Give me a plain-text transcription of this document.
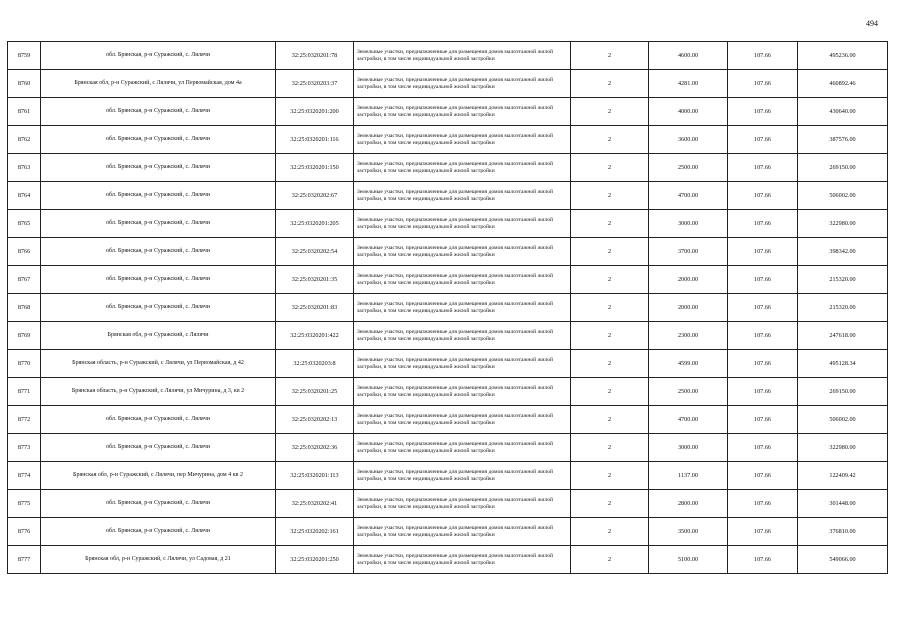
494
8759	обл. Брянская, р-н Суражский, с. Лялячи	32:25:0320201:78	Земельные участки, предназначенные для размещения домов малоэтажной жилой застройки, в том числе индивидуальной жилой застройки	2	4600.00	107.66	495236.00
8760	Брянская обл, р-н Суражский, с Лялячи, ул Первомайская, дом 4а	32:25:0320203:37	Земельные участки, предназначенные для размещения домов малоэтажной жилой застройки, в том числе индивидуальной жилой застройки	2	4281.00	107.66	460892.46
8761	обл. Брянская, р-н Суражский, с. Лялячи	32:25:0320201:200	Земельные участки, предназначенные для размещения домов малоэтажной жилой застройки, в том числе индивидуальной жилой застройки	2	4000.00	107.66	430640.00
8762	обл. Брянская, р-н Суражский, с. Лялячи	32:25:0320201:116	Земельные участки, предназначенные для размещения домов малоэтажной жилой застройки, в том числе индивидуальной жилой застройки	2	3600.00	107.66	387576.00
8763	обл. Брянская, р-н Суражский, с. Лялячи	32:25:0320201:150	Земельные участки, предназначенные для размещения домов малоэтажной жилой застройки, в том числе индивидуальной жилой застройки	2	2500.00	107.66	269150.00
8764	обл. Брянская, р-н Суражский, с. Лялячи	32:25:0320202:67	Земельные участки, предназначенные для размещения домов малоэтажной жилой застройки, в том числе индивидуальной жилой застройки	2	4700.00	107.66	506002.00
8765	обл. Брянская, р-н Суражский, с. Лялячи	32:25:0320201:205	Земельные участки, предназначенные для размещения домов малоэтажной жилой застройки, в том числе индивидуальной жилой застройки	2	3000.00	107.66	322980.00
8766	обл. Брянская, р-н Суражский, с. Лялячи	32:25:0320202:54	Земельные участки, предназначенные для размещения домов малоэтажной жилой застройки, в том числе индивидуальной жилой застройки	2	3700.00	107.66	398342.00
8767	обл. Брянская, р-н Суражский, с. Лялячи	32:25:0320201:35	Земельные участки, предназначенные для размещения домов малоэтажной жилой застройки, в том числе индивидуальной жилой застройки	2	2000.00	107.66	215320.00
8768	обл. Брянская, р-н Суражский, с. Лялячи	32:25:0320201:83	Земельные участки, предназначенные для размещения домов малоэтажной жилой застройки, в том числе индивидуальной жилой застройки	2	2000.00	107.66	215320.00
8769	Брянская обл, р-н Суражский, с Лялячи	32:25:0320201:422	Земельные участки, предназначенные для размещения домов малоэтажной жилой застройки, в том числе индивидуальной жилой застройки	2	2300.00	107.66	247618.00
8770	Брянская область, р-н Суражский, с Лялячи, ул Первомайская, д 42	32:25:0320203:8	Земельные участки, предназначенные для размещения домов малоэтажной жилой застройки, в том числе индивидуальной жилой застройки	2	4599.00	107.66	495128.34
8771	Брянская область, р-н Суражский, с Лялячи, ул Мичурина, д 3, кв 2	32:25:0320201:25	Земельные участки, предназначенные для размещения домов малоэтажной жилой застройки, в том числе индивидуальной жилой застройки	2	2500.00	107.66	269150.00
8772	обл. Брянская, р-н Суражский, с. Лялячи	32:25:0320202:13	Земельные участки, предназначенные для размещения домов малоэтажной жилой застройки, в том числе индивидуальной жилой застройки	2	4700.00	107.66	506002.00
8773	обл. Брянская, р-н Суражский, с. Лялячи	32:25:0320202:36	Земельные участки, предназначенные для размещения домов малоэтажной жилой застройки, в том числе индивидуальной жилой застройки	2	3000.00	107.66	322980.00
8774	Брянская обл, р-н Суражский, с Лялячи, пер Мичурина, дом 4 кв 2	32:25:0320201:113	Земельные участки, предназначенные для размещения домов малоэтажной жилой застройки, в том числе индивидуальной жилой застройки	2	1137.00	107.66	122409.42
8775	обл. Брянская, р-н Суражский, с. Лялячи	32:25:0320202:41	Земельные участки, предназначенные для размещения домов малоэтажной жилой застройки, в том числе индивидуальной жилой застройки	2	2800.00	107.66	301448.00
8776	обл. Брянская, р-н Суражский, с. Лялячи	32:25:0320202:161	Земельные участки, предназначенные для размещения домов малоэтажной жилой застройки, в том числе индивидуальной жилой застройки	2	3500.00	107.66	376810.00
8777	Брянская обл, р-н Суражский, с Лялячи, ул Садовая, д 21	32:25:0320201:250	Земельные участки, предназначенные для размещения домов малоэтажной жилой застройки, в том числе индивидуальной жилой застройки	2	5100.00	107.66	549066.00
